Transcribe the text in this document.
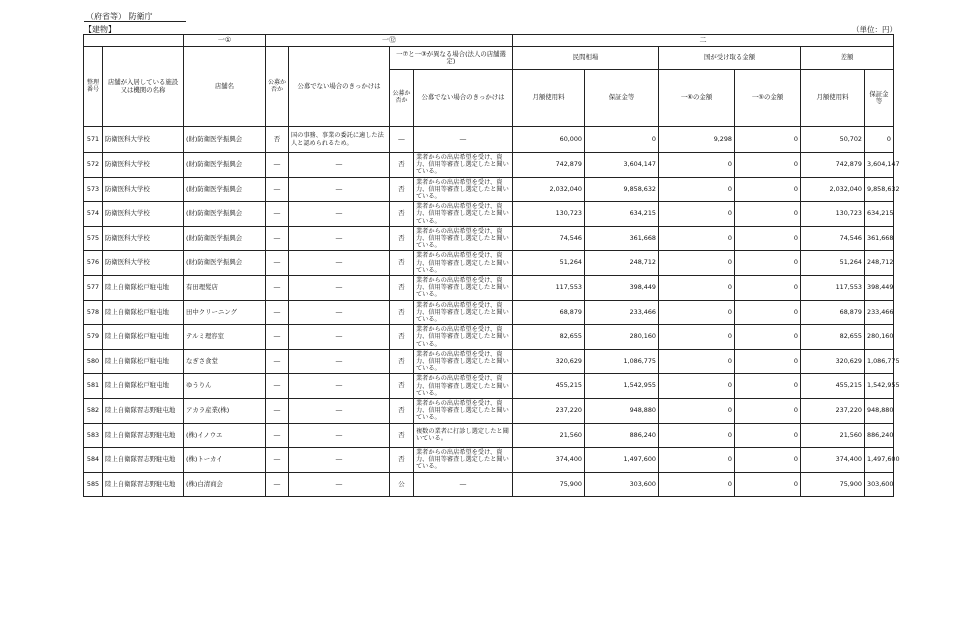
（府省等） 防衛庁
【建物】	（単位：円）
		一①	一⑫				二					
整理番号	店舗が入居している施設又は機関の名称	店舗名	公募か否か	公募でない場合のきっかけは	一⑦と一③が異なる場合(法人の店舗選定)		民間相場		国が受け取る金額		差額	
					公募か否か	公募でない場合のきっかけは	月額使用料	保証金等	一⑥の金額	一⑤の金額	月額使用料	保証金等
571	防衛医科大学校	(財)防衛医学振興会	否	国の事務、事業の委託に適した法人と認められるため。	―	―	60,000	0	9,298	0	50,702	0
572	防衛医科大学校	(財)防衛医学振興会	―	―	否	業者からの出店希望を受け、資力、信用等審査し選定したと聞いている。	742,879	3,604,147	0	0	742,879	3,604,147
573	防衛医科大学校	(財)防衛医学振興会	―	―	否	業者からの出店希望を受け、資力、信用等審査し選定したと聞いている。	2,032,040	9,858,632	0	0	2,032,040	9,858,632
574	防衛医科大学校	(財)防衛医学振興会	―	―	否	業者からの出店希望を受け、資力、信用等審査し選定したと聞いている。	130,723	634,215	0	0	130,723	634,215
575	防衛医科大学校	(財)防衛医学振興会	―	―	否	業者からの出店希望を受け、資力、信用等審査し選定したと聞いている。	74,546	361,668	0	0	74,546	361,668
576	防衛医科大学校	(財)防衛医学振興会	―	―	否	業者からの出店希望を受け、資力、信用等審査し選定したと聞いている。	51,264	248,712	0	0	51,264	248,712
577	陸上自衛隊松戸駐屯地	有田理髪店	―	―	否	業者からの出店希望を受け、資力、信用等審査し選定したと聞いている。	117,553	398,449	0	0	117,553	398,449
578	陸上自衛隊松戸駐屯地	田中クリーニング	―	―	否	業者からの出店希望を受け、資力、信用等審査し選定したと聞いている。	68,879	233,466	0	0	68,879	233,466
579	陸上自衛隊松戸駐屯地	テルミ理容室	―	―	否	業者からの出店希望を受け、資力、信用等審査し選定したと聞いている。	82,655	280,160	0	0	82,655	280,160
580	陸上自衛隊松戸駐屯地	なぎさ食堂	―	―	否	業者からの出店希望を受け、資力、信用等審査し選定したと聞いている。	320,629	1,086,775	0	0	320,629	1,086,775
581	陸上自衛隊松戸駐屯地	ゆうりん	―	―	否	業者からの出店希望を受け、資力、信用等審査し選定したと聞いている。	455,215	1,542,955	0	0	455,215	1,542,955
582	陸上自衛隊習志野駐屯地	アカラ産業(株)	―	―	否	業者からの出店希望を受け、資力、信用等審査し選定したと聞いている。	237,220	948,880	0	0	237,220	948,880
583	陸上自衛隊習志野駐屯地	(株)イノウエ	―	―	否	複数の業者に打診し選定したと聞いている。	21,560	886,240	0	0	21,560	886,240
584	陸上自衛隊習志野駐屯地	(株)トーカイ	―	―	否	業者からの出店希望を受け、資力、信用等審査し選定したと聞いている。	374,400	1,497,600	0	0	374,400	1,497,600
585	陸上自衛隊習志野駐屯地	(株)白清商会	―	―	公	―	75,900	303,600	0	0	75,900	303,600
